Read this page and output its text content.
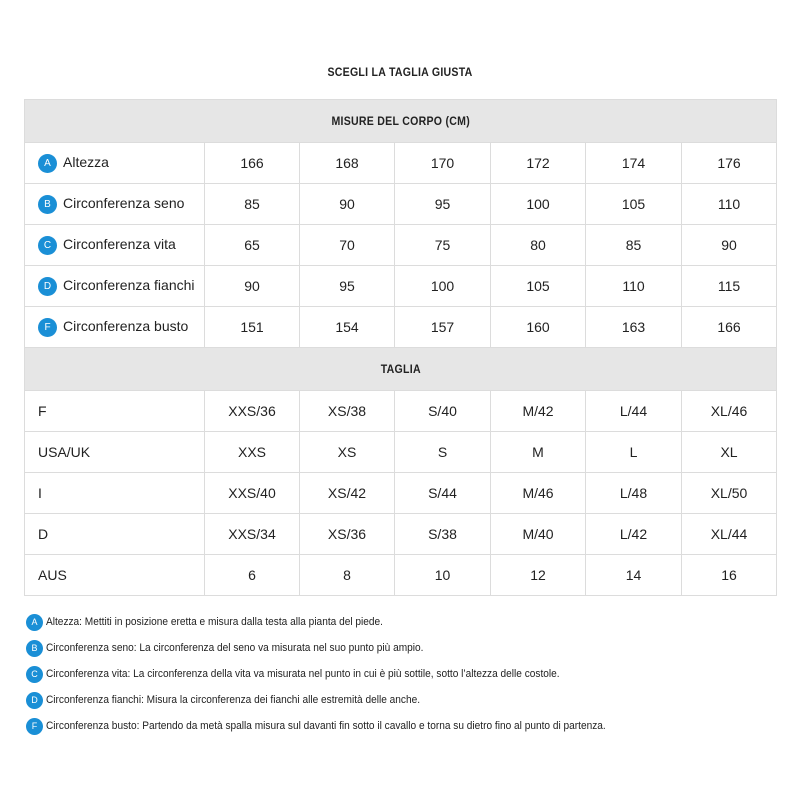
SCEGLI LA TAGLIA GIUSTA
MISURE DEL CORPO (CM)						
A Altezza	166	168	170	172	174	176
B Circonferenza seno	85	90	95	100	105	110
C Circonferenza vita	65	70	75	80	85	90
D Circonferenza fianchi	90	95	100	105	110	115
F Circonferenza busto	151	154	157	160	163	166
TAGLIA						
F	XXS/36	XS/38	S/40	M/42	L/44	XL/46
USA/UK	XXS	XS	S	M	L	XL
I	XXS/40	XS/42	S/44	M/46	L/48	XL/50
D	XXS/34	XS/36	S/38	M/40	L/42	XL/44
AUS	6	8	10	12	14	16
A Altezza: Mettiti in posizione eretta e misura dalla testa alla pianta del piede.
B Circonferenza seno: La circonferenza del seno va misurata nel suo punto più ampio.
C Circonferenza vita: La circonferenza della vita va misurata nel punto in cui è più sottile, sotto l’altezza delle costole.
D Circonferenza fianchi: Misura la circonferenza dei fianchi alle estremità delle anche.
F Circonferenza busto: Partendo da metà spalla misura sul davanti fin sotto il cavallo e torna su dietro fino al punto di partenza.
